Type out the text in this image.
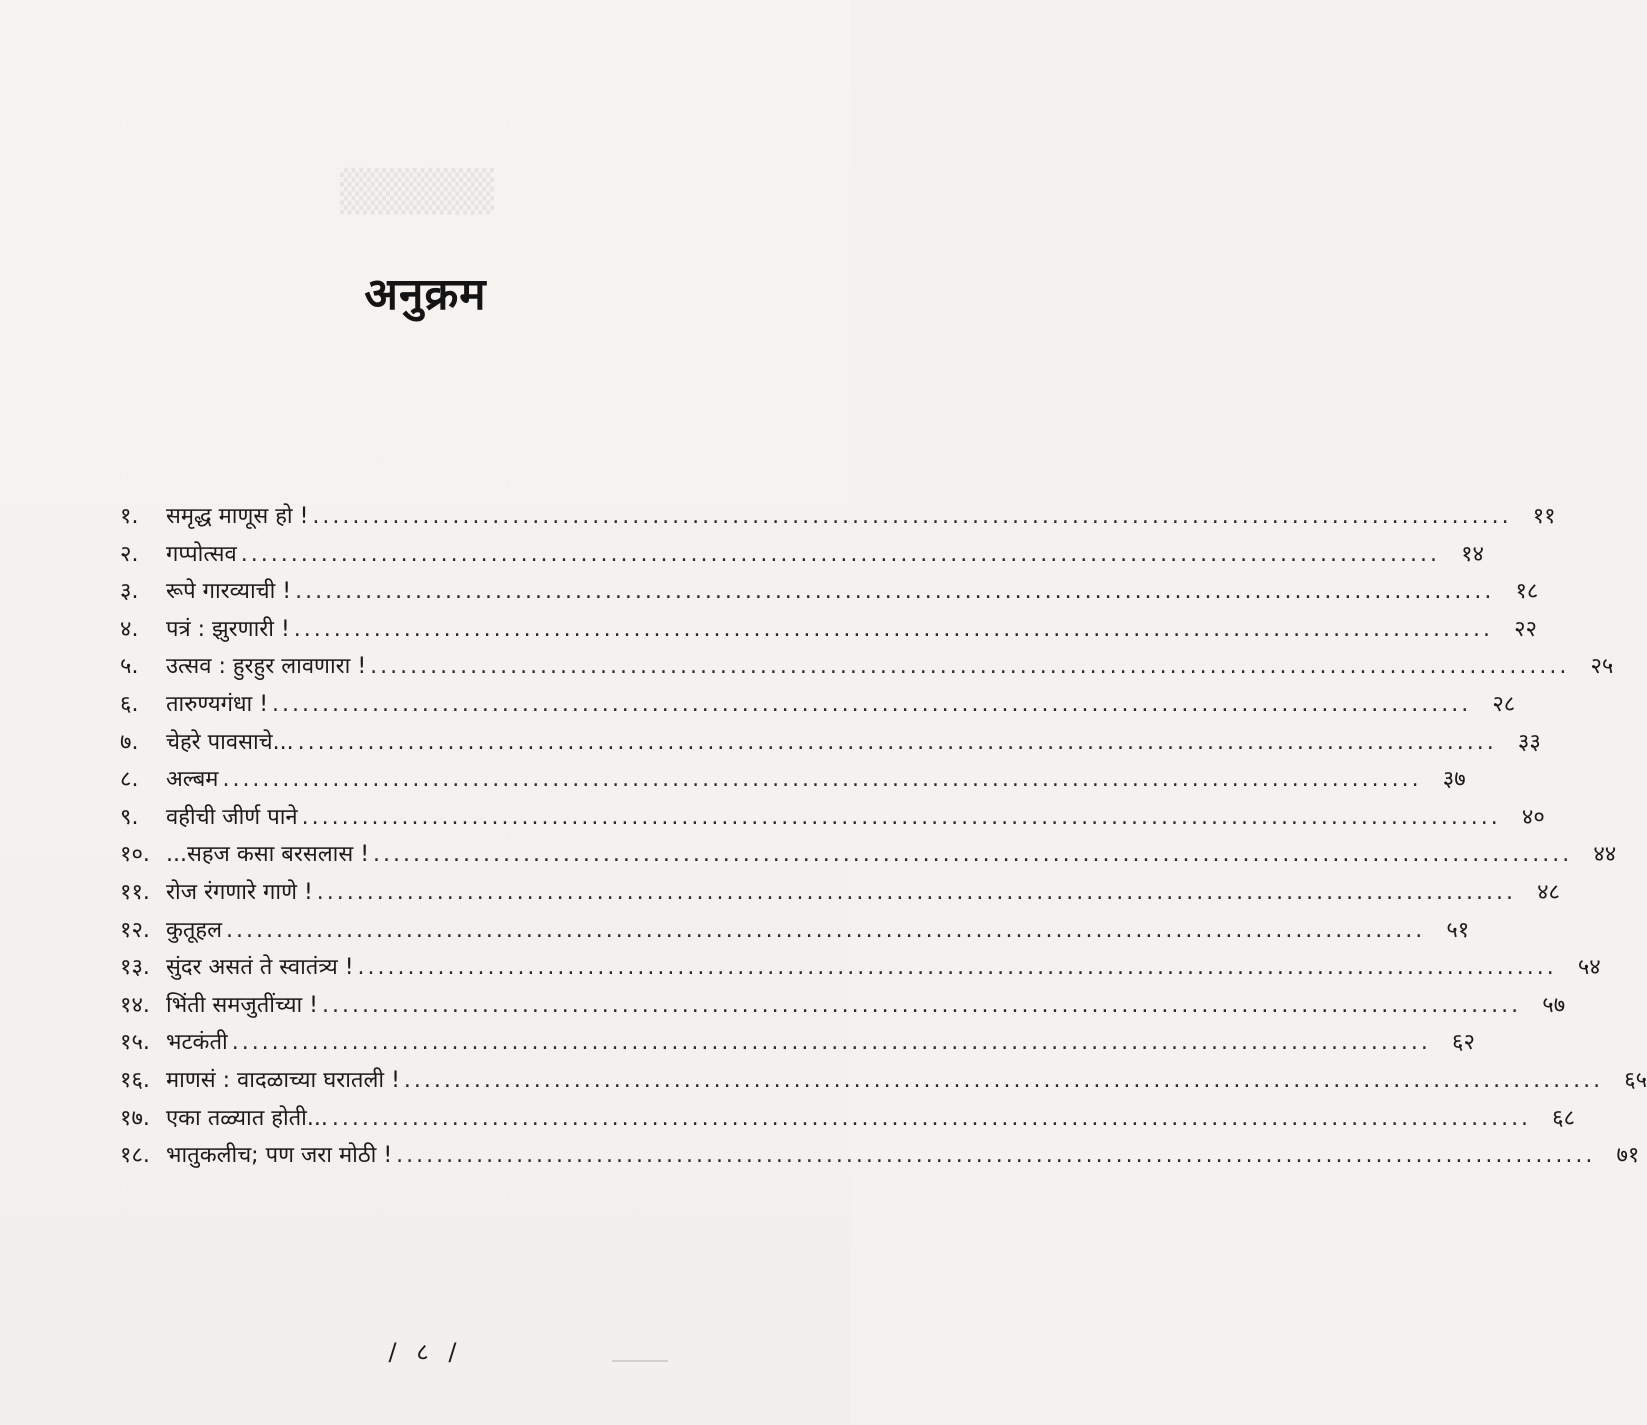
▒▒▒▒▒
अनुक्रम
१.	समृद्ध माणूस हो ! ........................................................................................................................ ११
२.	गप्पोत्सव ........................................................................................................................ १४
३.	रूपे गारव्याची ! ........................................................................................................................ १८
४.	पत्रं : झुरणारी ! ........................................................................................................................ २२
५.	उत्सव : हुरहुर लावणारा ! ........................................................................................................................ २५
६.	तारुण्यगंधा ! ........................................................................................................................ २८
७.	चेहरे पावसाचे... ........................................................................................................................ ३३
८.	अल्बम ........................................................................................................................ ३७
९.	वहीची जीर्ण पाने ........................................................................................................................ ४०
१०. ...सहज कसा बरसलास ! ........................................................................................................................ ४४
११. रोज रंगणारे गाणे ! ........................................................................................................................ ४८
१२. कुतूहल ........................................................................................................................ ५१
१३. सुंदर असतं ते स्वातंत्र्य ! ........................................................................................................................ ५४
१४. भिंती समजुतींच्या ! ........................................................................................................................ ५७
१५. भटकंती ........................................................................................................................ ६२
१६. माणसं : वादळाच्या घरातली ! ........................................................................................................................ ६५
१७. एका तळ्यात होती... ........................................................................................................................ ६८
१८. भातुकलीच; पण जरा मोठी ! ........................................................................................................................ ७१
/ ८ /
